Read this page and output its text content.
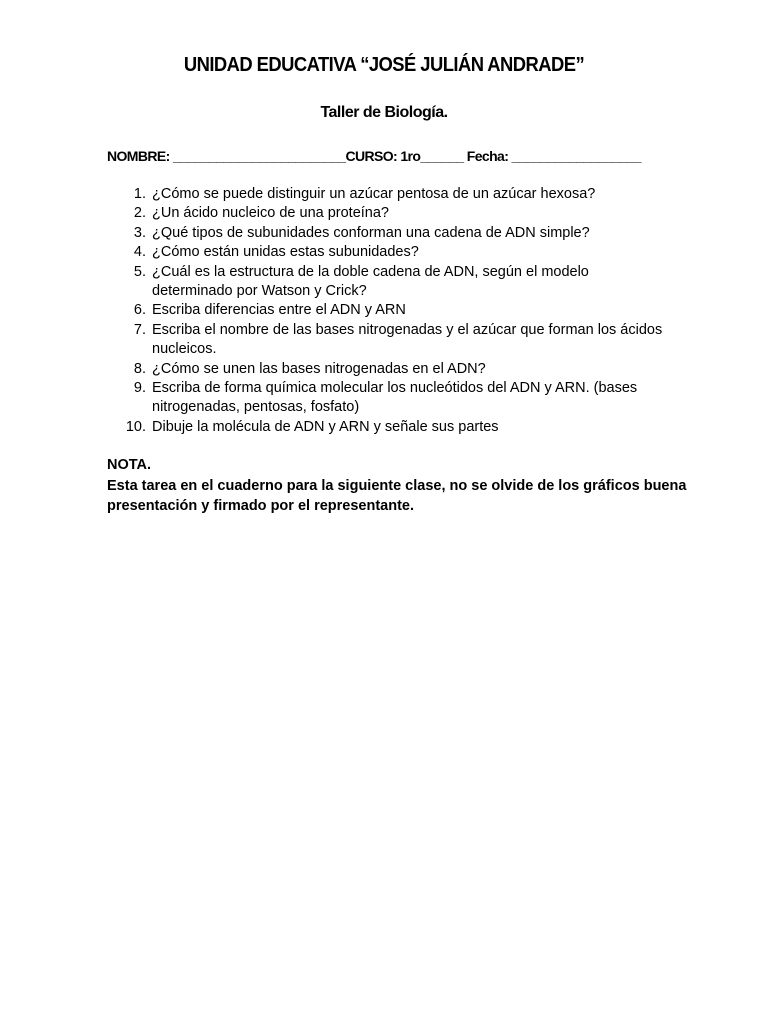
UNIDAD EDUCATIVA “JOSÉ JULIÁN ANDRADE”
Taller de Biología.
NOMBRE: ________________________CURSO: 1ro______ Fecha: __________________
1. ¿Cómo se puede distinguir un azúcar pentosa de un azúcar hexosa?
2. ¿Un ácido nucleico de una proteína?
3. ¿Qué tipos de subunidades conforman una cadena de ADN simple?
4. ¿Cómo están unidas estas subunidades?
5. ¿Cuál es la estructura de la doble cadena de ADN, según el modelo determinado por Watson y Crick?
6. Escriba diferencias entre el ADN y ARN
7. Escriba el nombre de las bases nitrogenadas y el azúcar que forman los ácidos nucleicos.
8. ¿Cómo se unen las bases nitrogenadas en el ADN?
9. Escriba de forma química molecular los nucleótidos del ADN y ARN. (bases nitrogenadas, pentosas, fosfato)
10. Dibuje la molécula de ADN y ARN y señale sus partes
NOTA.
Esta tarea en el cuaderno para la siguiente clase, no se olvide de los gráficos buena presentación y firmado por el representante.
